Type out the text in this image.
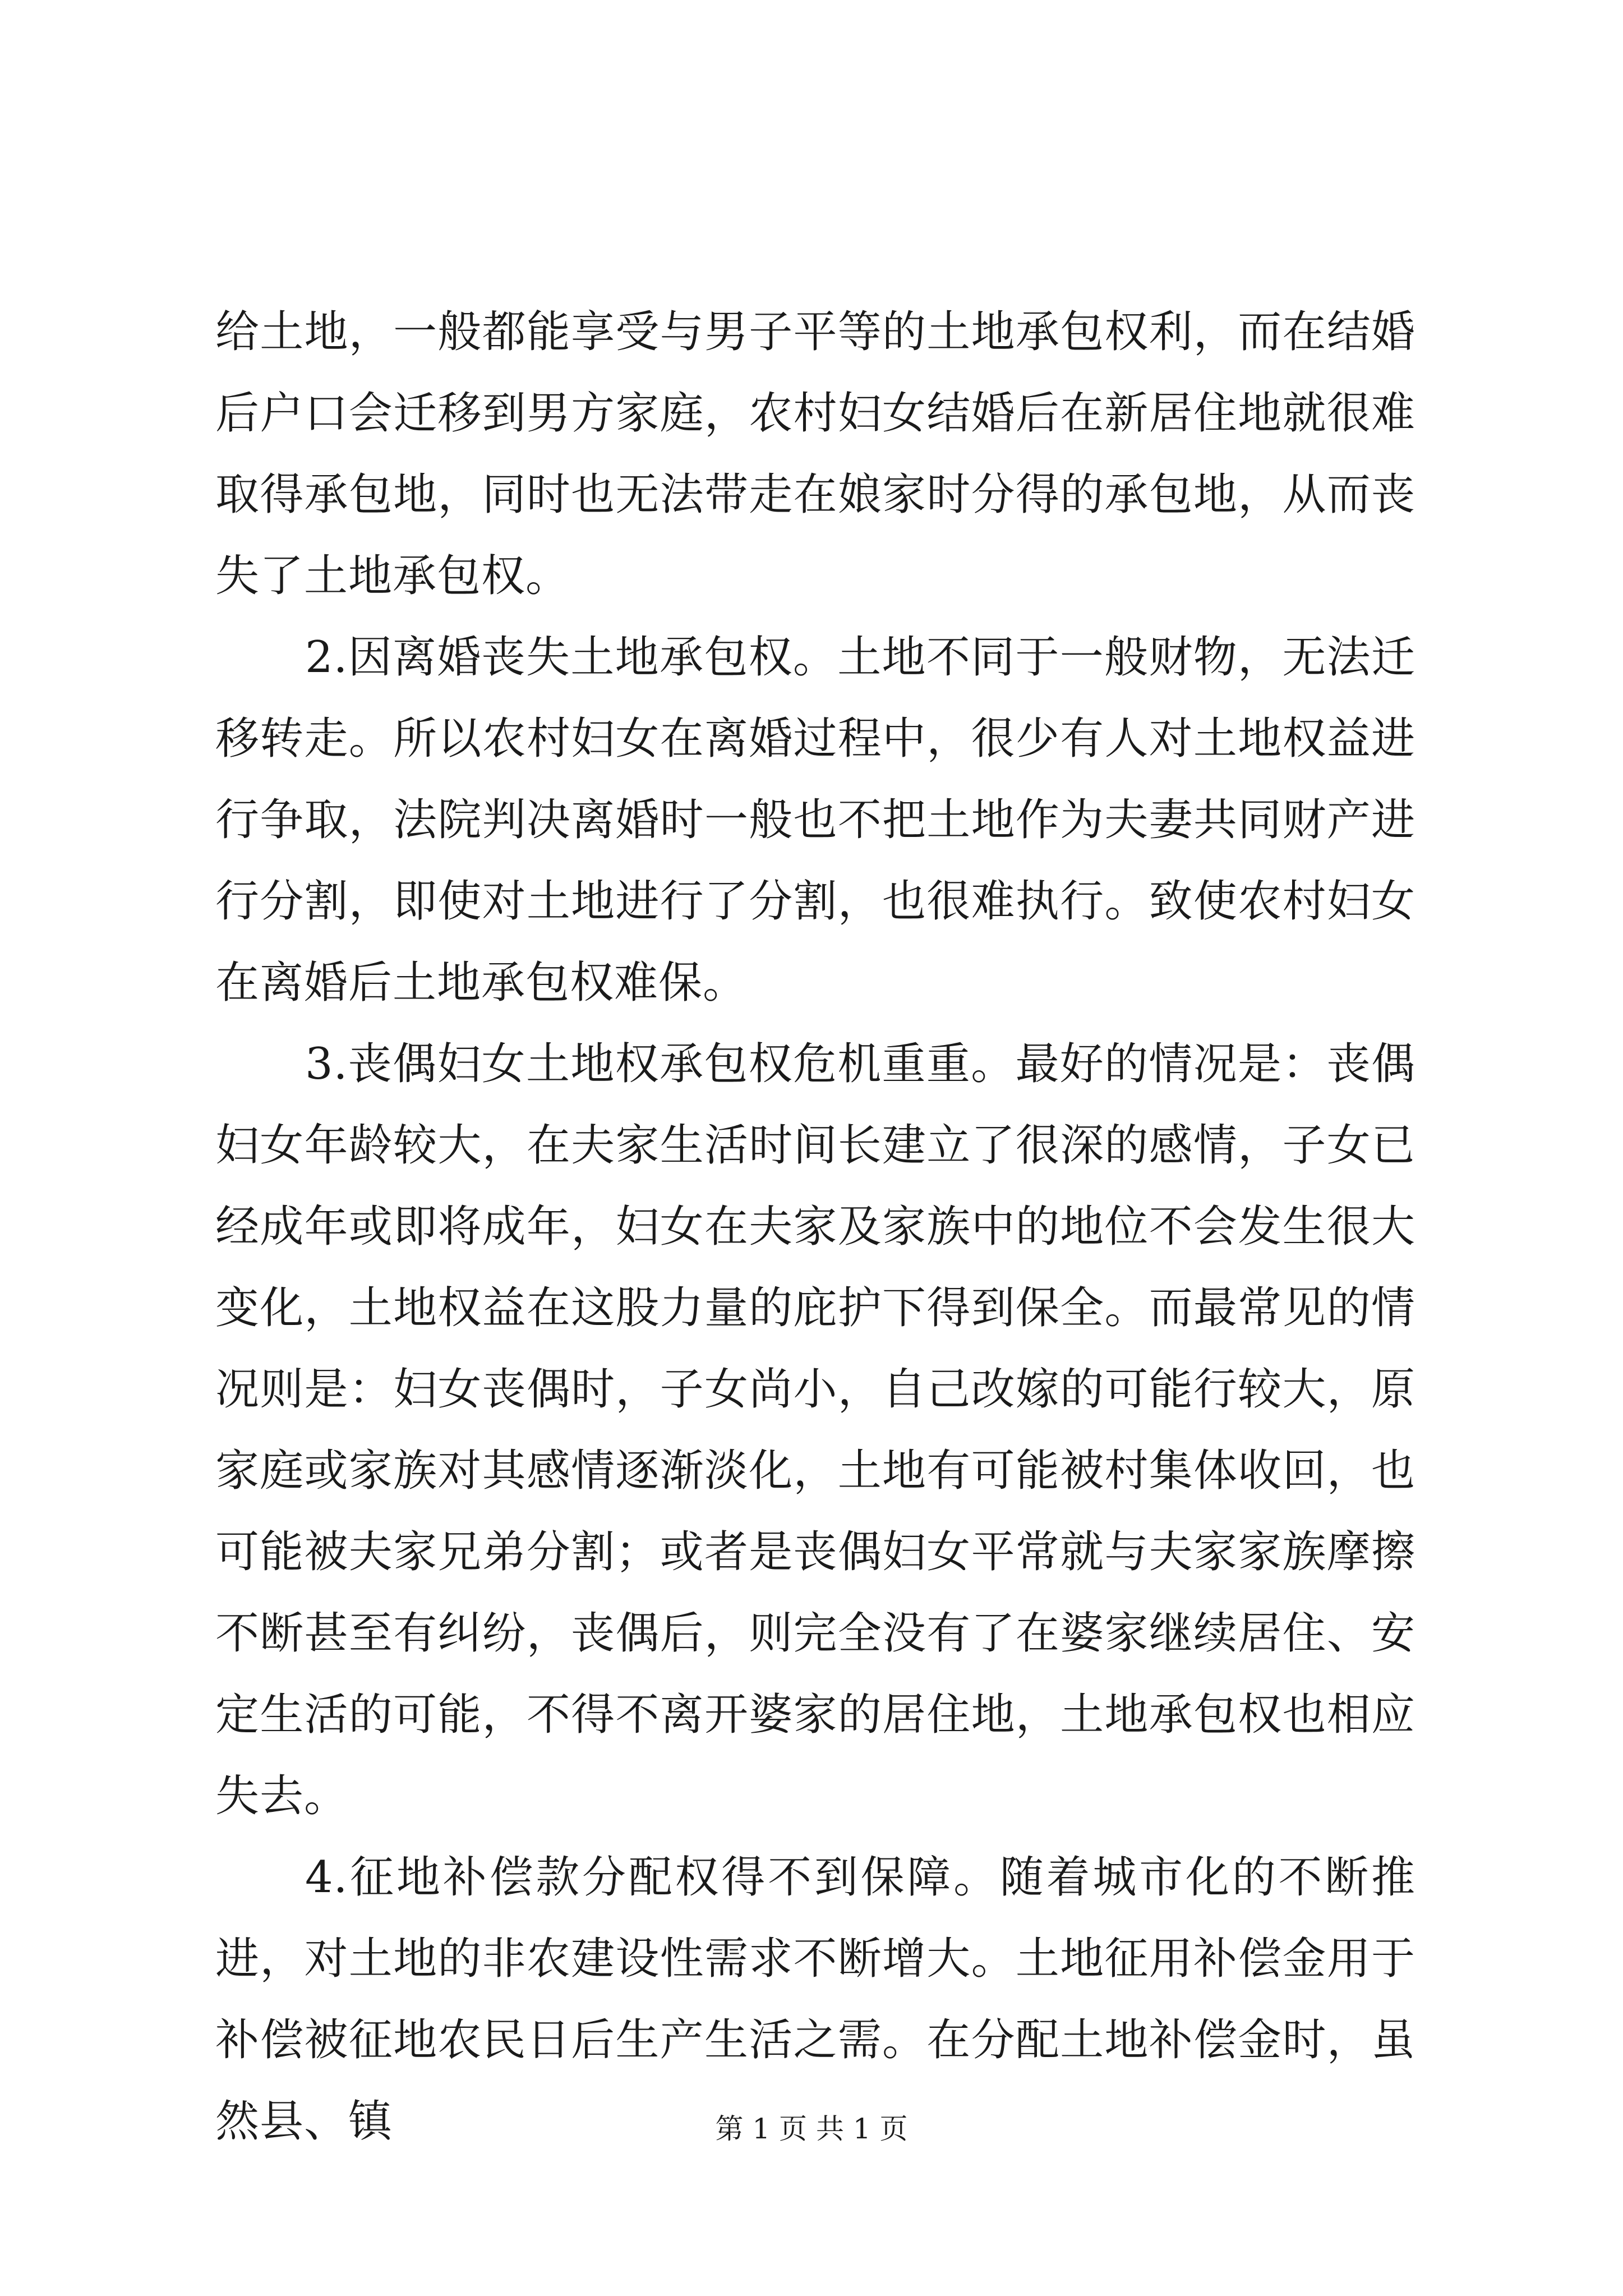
给土地，一般都能享受与男子平等的土地承包权利，而在结婚后户口会迁移到男方家庭，农村妇女结婚后在新居住地就很难取得承包地，同时也无法带走在娘家时分得的承包地，从而丧失了土地承包权。

2.因离婚丧失土地承包权。土地不同于一般财物，无法迁移转走。所以农村妇女在离婚过程中，很少有人对土地权益进行争取，法院判决离婚时一般也不把土地作为夫妻共同财产进行分割，即使对土地进行了分割，也很难执行。致使农村妇女在离婚后土地承包权难保。

3.丧偶妇女土地权承包权危机重重。最好的情况是：丧偶妇女年龄较大，在夫家生活时间长建立了很深的感情，子女已经成年或即将成年，妇女在夫家及家族中的地位不会发生很大变化，土地权益在这股力量的庇护下得到保全。而最常见的情况则是：妇女丧偶时，子女尚小，自己改嫁的可能行较大，原家庭或家族对其感情逐渐淡化，土地有可能被村集体收回，也可能被夫家兄弟分割；或者是丧偶妇女平常就与夫家家族摩擦不断甚至有纠纷，丧偶后，则完全没有了在婆家继续居住、安定生活的可能，不得不离开婆家的居住地，土地承包权也相应失去。

4.征地补偿款分配权得不到保障。随着城市化的不断推进，对土地的非农建设性需求不断增大。土地征用补偿金用于补偿被征地农民日后生产生活之需。在分配土地补偿金时，虽然县、镇	第 1 页 共 1 页
